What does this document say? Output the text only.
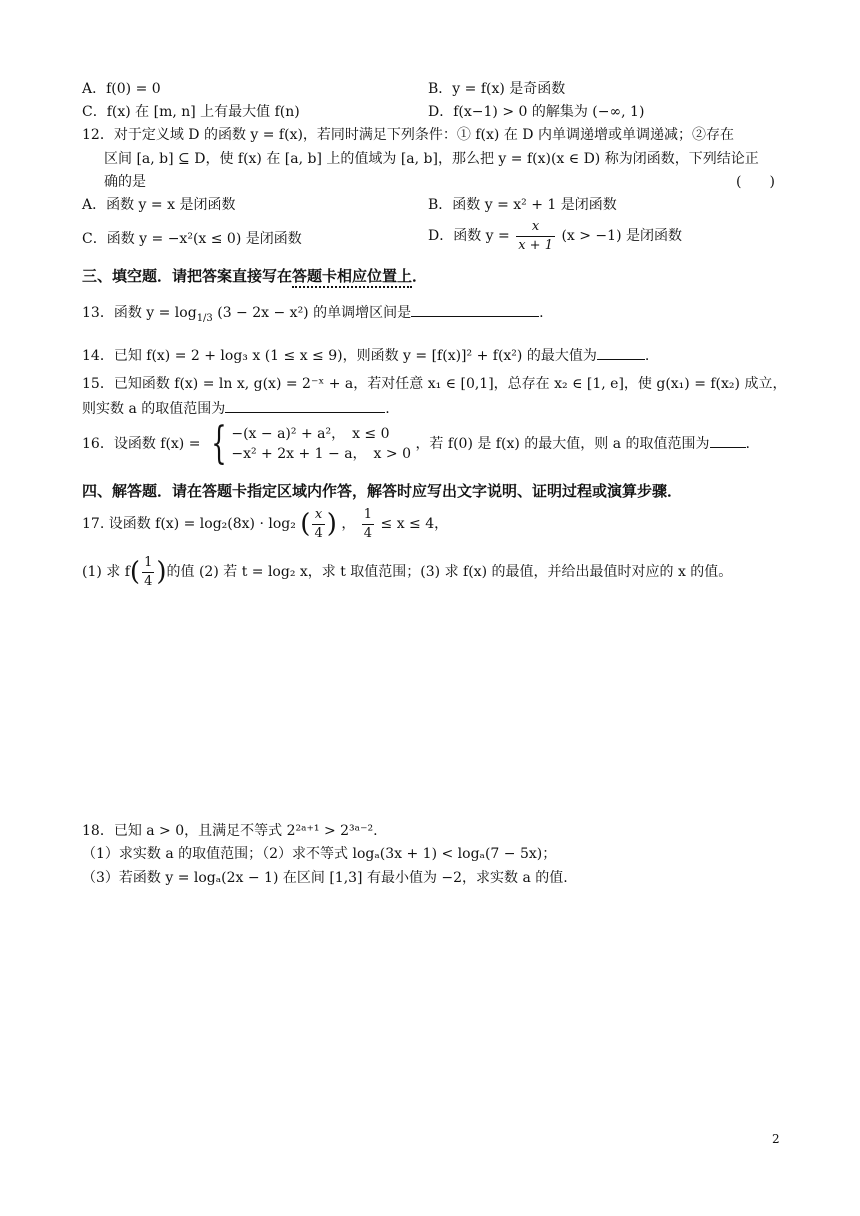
A．f(0) = 0	B．y = f(x) 是奇函数
C．f(x) 在 [m, n] 上有最大值 f(n)	D．f(x−1) > 0 的解集为 (−∞, 1)
12．对于定义域 D 的函数 y = f(x)，若同时满足下列条件：① f(x) 在 D 内单调递增或单调递减；②存在
区间 [a, b] ⊆ D，使 f(x) 在 [a, b] 上的值域为 [a, b]，那么把 y = f(x)(x ∈ D) 称为闭函数，下列结论正
确的是	(　　)
A．函数 y = x 是闭函数	B．函数 y = x² + 1 是闭函数
C．函数 y = −x²(x ≤ 0) 是闭函数	D．函数 $y = \frac{x}{x + 1} (x > -1)$ 是闭函数
三、填空题．请把答案直接写在答题卡相应位置上．
13．函数 $y = \log_{1/3} (3 - 2x - x^2)$ 的单调增区间是	.
14．已知 f(x) = 2 + log₃ x (1 ≤ x ≤ 9)，则函数 y = [f(x)]² + f(x²) 的最大值为	.
15．已知函数 f(x) = ln x, g(x) = 2⁻ˣ + a，若对任意 x₁ ∈ [0,1]，总存在 x₂ ∈ [1, e]，使 g(x₁) = f(x₂) 成立，
则实数 a 的取值范围为	.
16．设函数 f(x) = { −(x − a)² + a²，　x ≤ 0
−x² + 2x + 1 − a，　x > 0
，若 f(0) 是 f(x) 的最大值，则 a 的取值范围为	.
四、解答题．请在答题卡指定区域内作答，解答时应写出文字说明、证明过程或演算步骤．
17. 设函数 f(x) = log₂(8x) · log₂ ( $\frac{x}{4}$ ) ， $\frac{1}{4} \le x \le 4$，
(1) 求 $f( \frac{1}{4}$ )的值 (2) 若 t = log₂ x，求 t 取值范围；(3) 求 f(x) 的最值，并给出最值时对应的 x 的值。
18．已知 a > 0，且满足不等式 2²ᵃ⁺¹ > 2³ᵃ⁻².
（1）求实数 a 的取值范围；（2）求不等式 logₐ(3x + 1) < logₐ(7 − 5x)；
（3）若函数 y = logₐ(2x − 1) 在区间 [1,3] 有最小值为 −2，求实数 a 的值.
2
